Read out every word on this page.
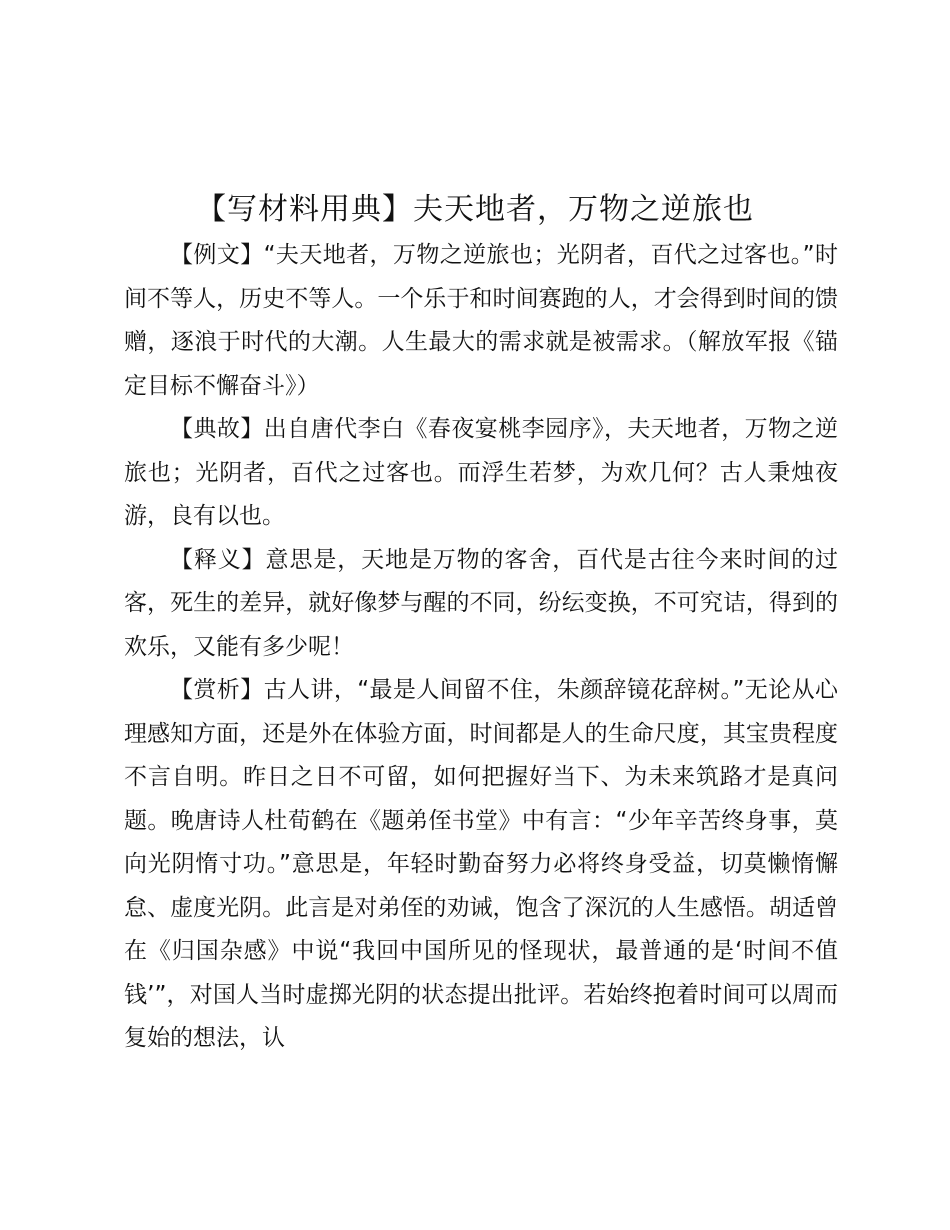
【写材料用典】夫天地者，万物之逆旅也

【例文】“夫天地者，万物之逆旅也；光阴者，百代之过客也。”时间不等人，历史不等人。一个乐于和时间赛跑的人，才会得到时间的馈赠，逐浪于时代的大潮。人生最大的需求就是被需求。（解放军报《锚定目标不懈奋斗》）

【典故】出自唐代李白《春夜宴桃李园序》，夫天地者，万物之逆旅也；光阴者，百代之过客也。而浮生若梦，为欢几何？古人秉烛夜游，良有以也。

【释义】意思是，天地是万物的客舍，百代是古往今来时间的过客，死生的差异，就好像梦与醒的不同，纷纭变换，不可究诘，得到的欢乐，又能有多少呢！

【赏析】古人讲，“最是人间留不住，朱颜辞镜花辞树。”无论从心理感知方面，还是外在体验方面，时间都是人的生命尺度，其宝贵程度不言自明。昨日之日不可留，如何把握好当下、为未来筑路才是真问题。晚唐诗人杜荀鹤在《题弟侄书堂》中有言：“少年辛苦终身事，莫向光阴惰寸功。”意思是，年轻时勤奋努力必将终身受益，切莫懒惰懈怠、虚度光阴。此言是对弟侄的劝诫，饱含了深沉的人生感悟。胡适曾在《归国杂感》中说“我回中国所见的怪现状，最普通的是‘时间不值钱’”，对国人当时虚掷光阴的状态提出批评。若始终抱着时间可以周而复始的想法，认
